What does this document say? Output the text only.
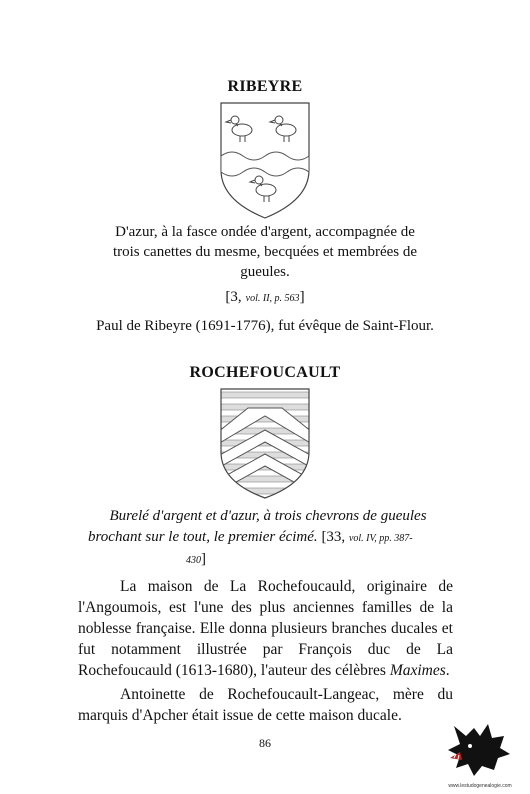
RIBEYRE
D'azur, à la fasce ondée d'argent, accompagnée de
trois canettes du mesme, becquées et membrées de
gueules.
[3, vol. II, p. 563]
Paul de Ribeyre (1691-1776), fut évêque de Saint-Flour.
ROCHEFOUCAULT
Burelé d'argent et d'azur, à trois chevrons de gueules
brochant sur le tout, le premier écimé. [33, vol. IV, pp. 387-
430]
La maison de La Rochefoucauld, originaire de
l'Angoumois, est l'une des plus anciennes familles de la
noblesse française. Elle donna plusieurs branches ducales et
fut notamment illustrée par François duc de La
Rochefoucauld (1613-1680), l'auteur des célèbres Maximes.
Antoinette de Rochefoucault-Langeac, mère du
marquis d'Apcher était issue de cette maison ducale.
86
www.lestudogenealogie.com
